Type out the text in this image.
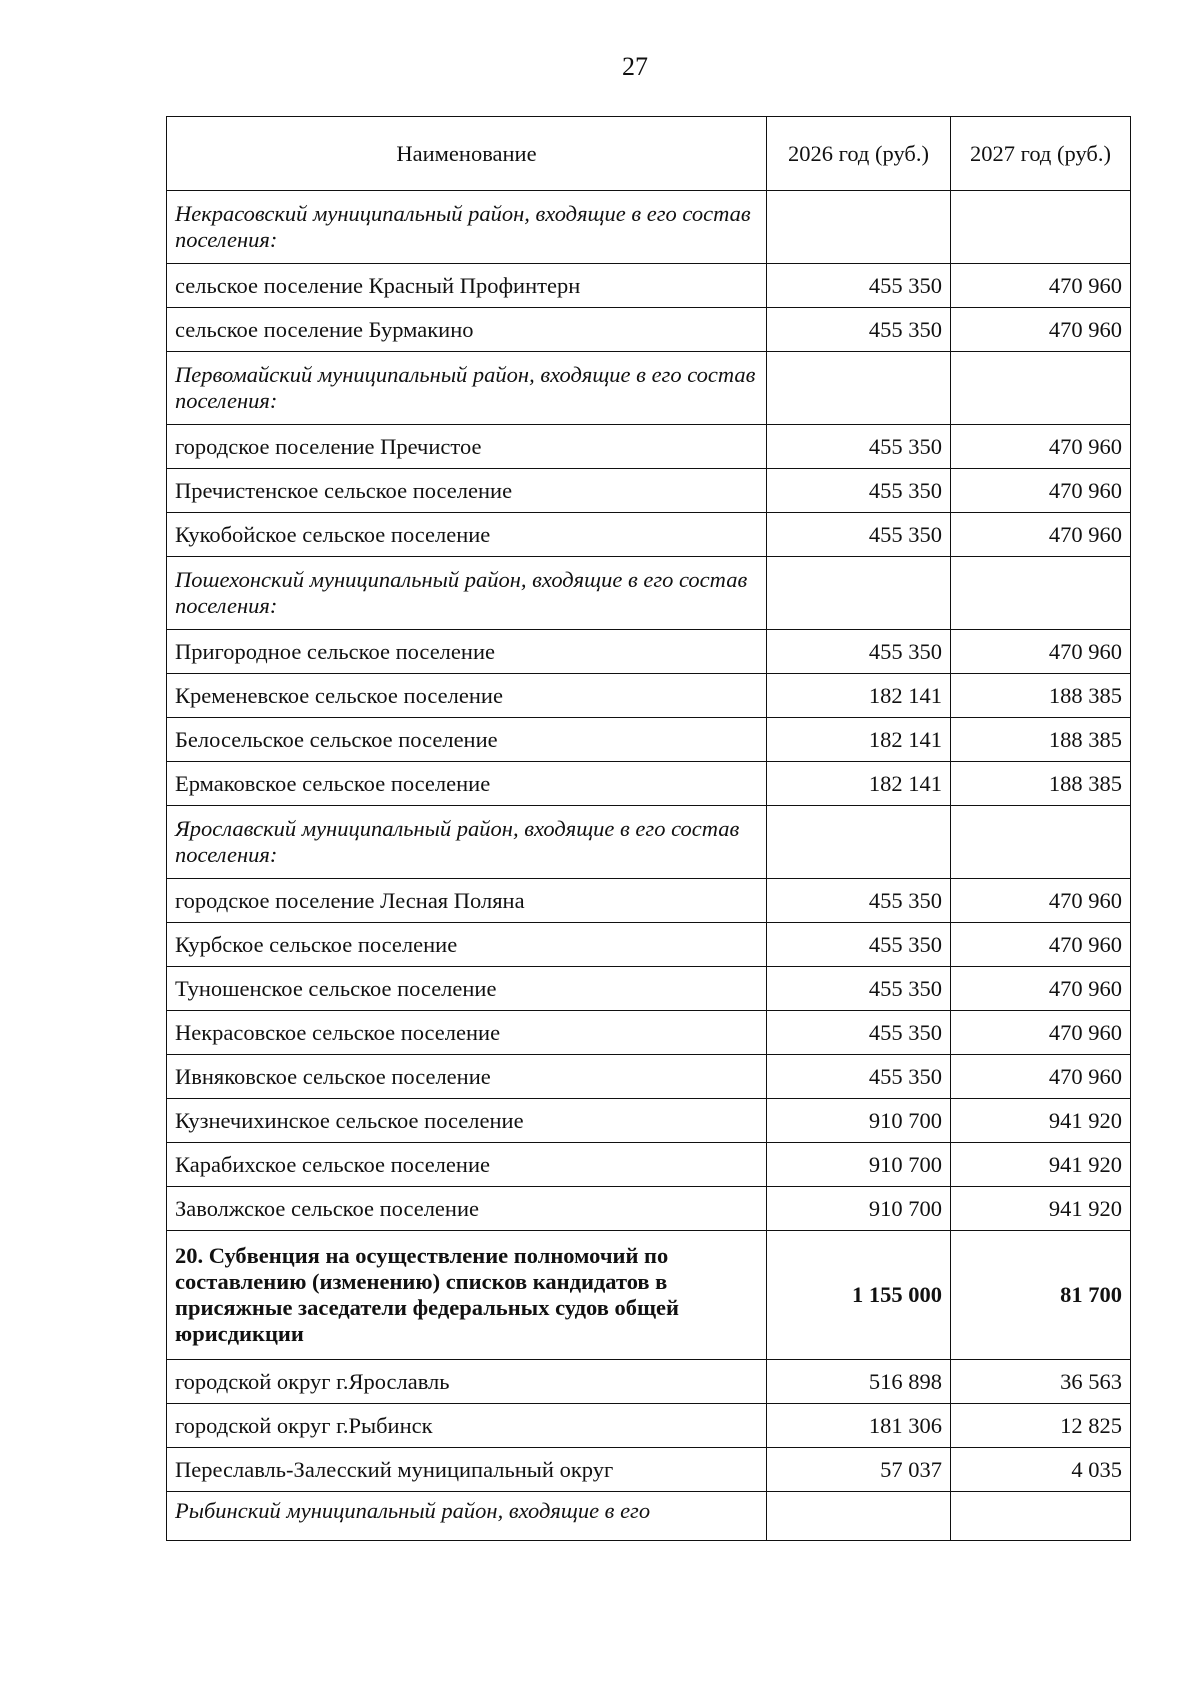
27
Наименование	2026 год (руб.)	2027 год (руб.)
Некрасовский муниципальный район, входящие в его состав поселения:		
сельское поселение Красный Профинтерн	455 350	470 960
сельское поселение Бурмакино	455 350	470 960
Первомайский муниципальный район, входящие в его состав поселения:		
городское поселение Пречистое	455 350	470 960
Пречистенское сельское поселение	455 350	470 960
Кукобойское сельское поселение	455 350	470 960
Пошехонский муниципальный район, входящие в его состав поселения:		
Пригородное сельское поселение	455 350	470 960
Кременевское сельское поселение	182 141	188 385
Белосельское сельское поселение	182 141	188 385
Ермаковское сельское поселение	182 141	188 385
Ярославский муниципальный район, входящие в его состав поселения:		
городское поселение Лесная Поляна	455 350	470 960
Курбское сельское поселение	455 350	470 960
Туношенское сельское поселение	455 350	470 960
Некрасовское сельское поселение	455 350	470 960
Ивняковское сельское поселение	455 350	470 960
Кузнечихинское сельское поселение	910 700	941 920
Карабихское сельское поселение	910 700	941 920
Заволжское сельское поселение	910 700	941 920
20. Субвенция на осуществление полномочий по составлению (изменению) списков кандидатов в присяжные заседатели федеральных судов общей юрисдикции	1 155 000	81 700
городской округ г.Ярославль	516 898	36 563
городской округ г.Рыбинск	181 306	12 825
Переславль-Залесский муниципальный округ	57 037	4 035
Рыбинский муниципальный район, входящие в его		
